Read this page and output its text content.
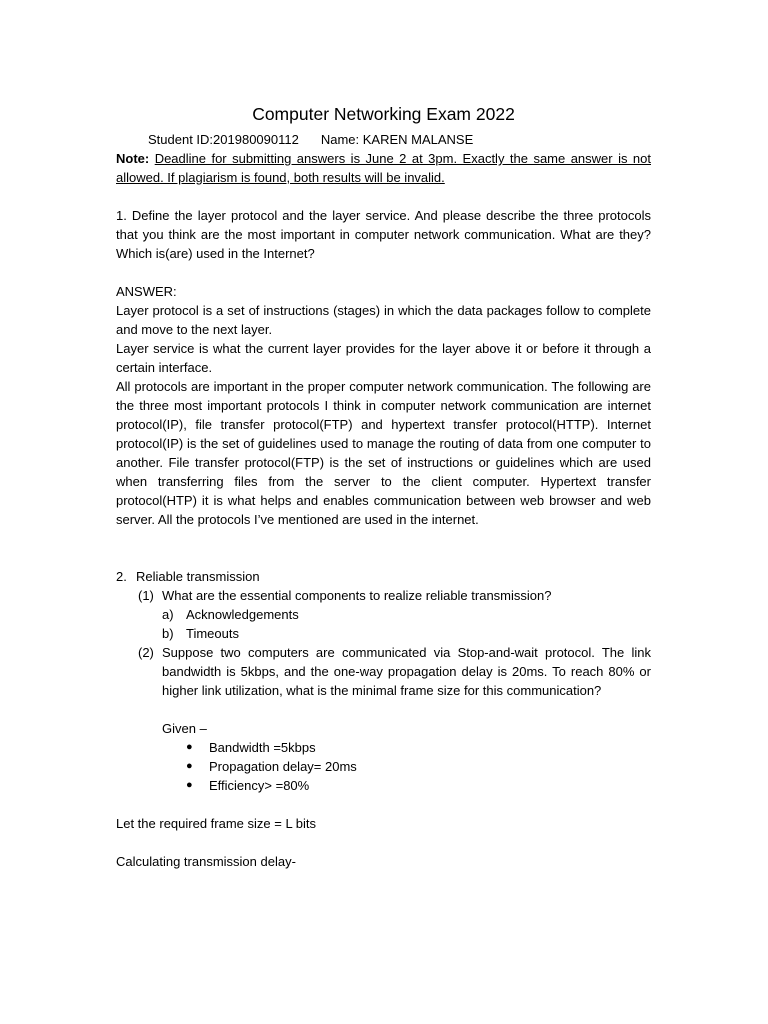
Computer Networking Exam 2022
Student ID:201980090112 Name: KAREN MALANSE
Note: Deadline for submitting answers is June 2 at 3pm. Exactly the same answer is not allowed. If plagiarism is found, both results will be invalid.
1. Define the layer protocol and the layer service. And please describe the three protocols that you think are the most important in computer network communication. What are they? Which is(are) used in the Internet?
ANSWER:
Layer protocol is a set of instructions (stages) in which the data packages follow to complete and move to the next layer.
Layer service is what the current layer provides for the layer above it or before it through a certain interface.
All protocols are important in the proper computer network communication. The following are the three most important protocols I think in computer network communication are internet protocol(IP), file transfer protocol(FTP) and hypertext transfer protocol(HTTP). Internet protocol(IP) is the set of guidelines used to manage the routing of data from one computer to another. File transfer protocol(FTP) is the set of instructions or guidelines which are used when transferring files from the server to the client computer. Hypertext transfer protocol(HTP) it is what helps and enables communication between web browser and web server. All the protocols I’ve mentioned are used in the internet.
2. Reliable transmission
(1) What are the essential components to realize reliable transmission?
a) Acknowledgements
b) Timeouts
(2) Suppose two computers are communicated via Stop-and-wait protocol. The link bandwidth is 5kbps, and the one-way propagation delay is 20ms. To reach 80% or higher link utilization, what is the minimal frame size for this communication?
Given –
●	Bandwidth =5kbps
●	Propagation delay= 20ms
●	Efficiency> =80%
Let the required frame size = L bits
Calculating transmission delay-
